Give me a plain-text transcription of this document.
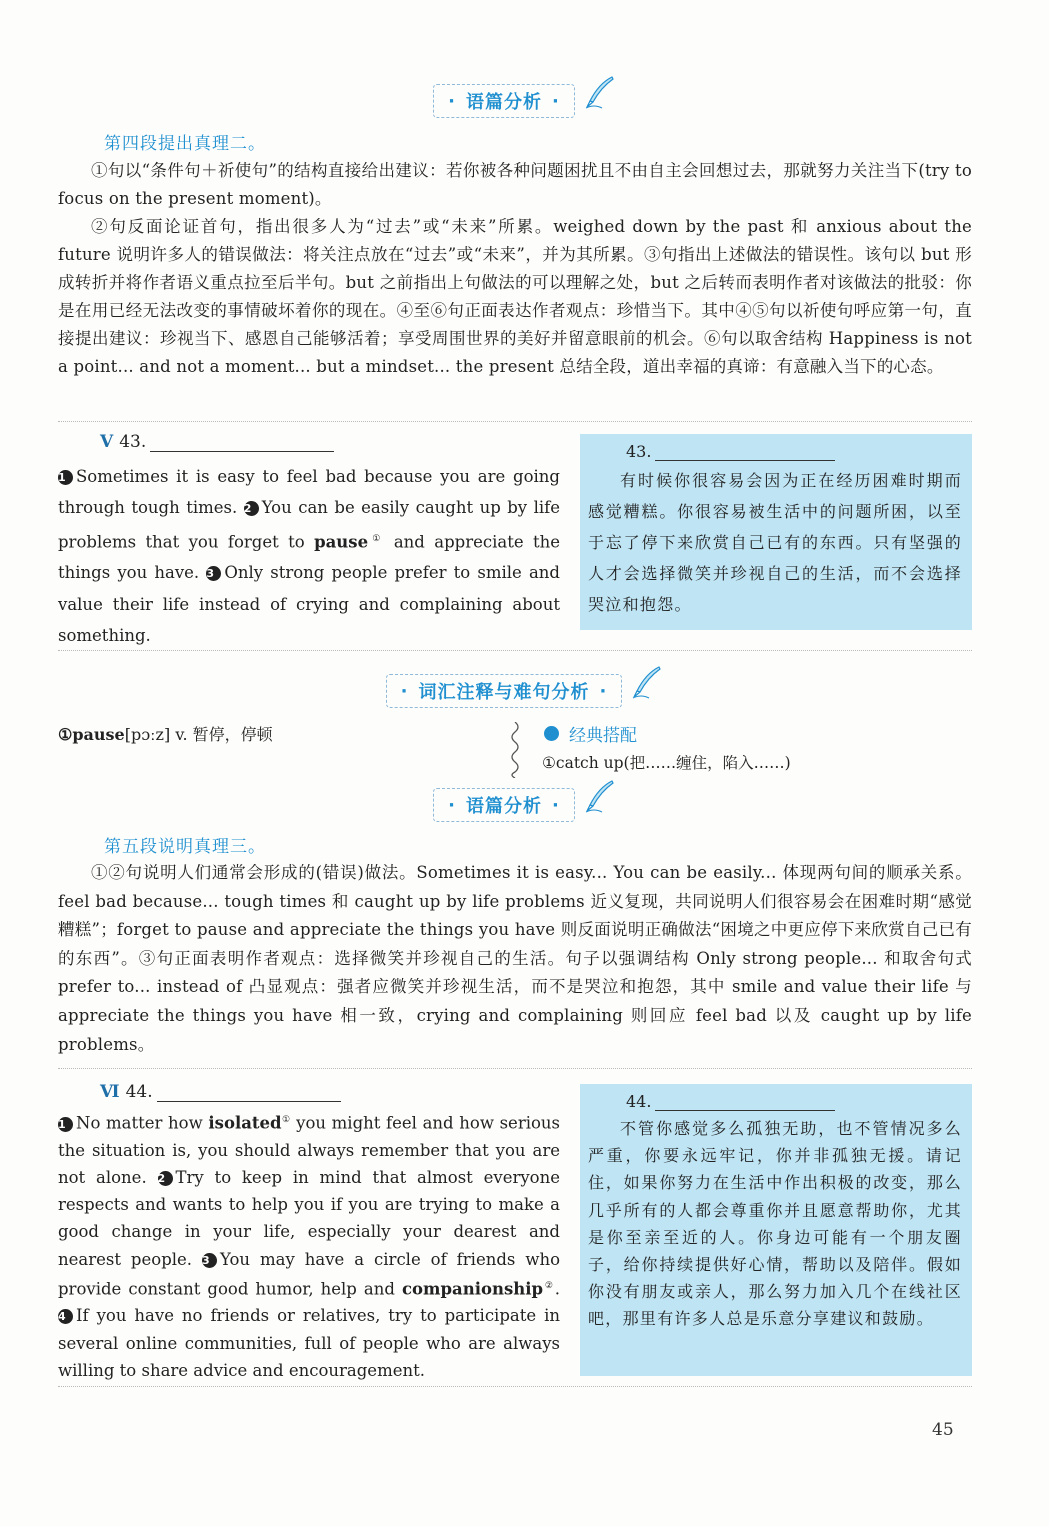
· 语篇分析 ·

第四段提出真理二。
①句以“条件句＋祈使句”的结构直接给出建议：若你被各种问题困扰且不由自主会回想过去，那就努力关注当下(try to focus on the present moment)。
②句反面论证首句，指出很多人为“过去”或“未来”所累。weighed down by the past 和 anxious about the future 说明许多人的错误做法：将关注点放在“过去”或“未来”，并为其所累。③句指出上述做法的错误性。该句以 but 形成转折并将作者语义重点拉至后半句。but 之前指出上句做法的可以理解之处，but 之后转而表明作者对该做法的批驳：你是在用已经无法改变的事情破坏着你的现在。④至⑥句正面表达作者观点：珍惜当下。其中④⑤句以祈使句呼应第一句，直接提出建议：珍视当下、感恩自己能够活着；享受周围世界的美好并留意眼前的机会。⑥句以取舍结构 Happiness is not a point... and not a moment... but a mindset... the present 总结全段，道出幸福的真谛：有意融入当下的心态。
Ⅴ 43.
1 Sometimes it is easy to feel bad because you are going through tough times. 2 You can be easily caught up by life problems that you forget to pause① and appreciate the things you have. 3 Only strong people prefer to smile and value their life instead of crying and complaining about something.
43.
有时候你很容易会因为正在经历困难时期而感觉糟糕。你很容易被生活中的问题所困，以至于忘了停下来欣赏自己已有的东西。只有坚强的人才会选择微笑并珍视自己的生活，而不会选择哭泣和抱怨。
· 词汇注释与难句分析 ·

①pause[pɔːz] v. 暂停，停顿	经典搭配
①catch up(把……缠住，陷入……)
· 语篇分析 ·

第五段说明真理三。
①②句说明人们通常会形成的(错误)做法。Sometimes it is easy... You can be easily... 体现两句间的顺承关系。feel bad because... tough times 和 caught up by life problems 近义复现，共同说明人们很容易会在困难时期“感觉糟糕”；forget to pause and appreciate the things you have 则反面说明正确做法“困境之中更应停下来欣赏自己已有的东西”。③句正面表明作者观点：选择微笑并珍视自己的生活。句子以强调结构 Only strong people... 和取舍句式 prefer to... instead of 凸显观点：强者应微笑并珍视生活，而不是哭泣和抱怨，其中 smile and value their life 与 appreciate the things you have 相一致，crying and complaining 则回应 feel bad 以及 caught up by life problems。
Ⅵ 44.
1 No matter how isolated① you might feel and how serious the situation is, you should always remember that you are not alone. 2 Try to keep in mind that almost everyone respects and wants to help you if you are trying to make a good change in your life, especially your dearest and nearest people. 3 You may have a circle of friends who provide constant good humor, help and companionship②. 4 If you have no friends or relatives, try to participate in several online communities, full of people who are always willing to share advice and encouragement.
44.
不管你感觉多么孤独无助，也不管情况多么严重，你要永远牢记，你并非孤独无援。请记住，如果你努力在生活中作出积极的改变，那么几乎所有的人都会尊重你并且愿意帮助你，尤其是你至亲至近的人。你身边可能有一个朋友圈子，给你持续提供好心情，帮助以及陪伴。假如你没有朋友或亲人，那么努力加入几个在线社区吧，那里有许多人总是乐意分享建议和鼓励。
45
